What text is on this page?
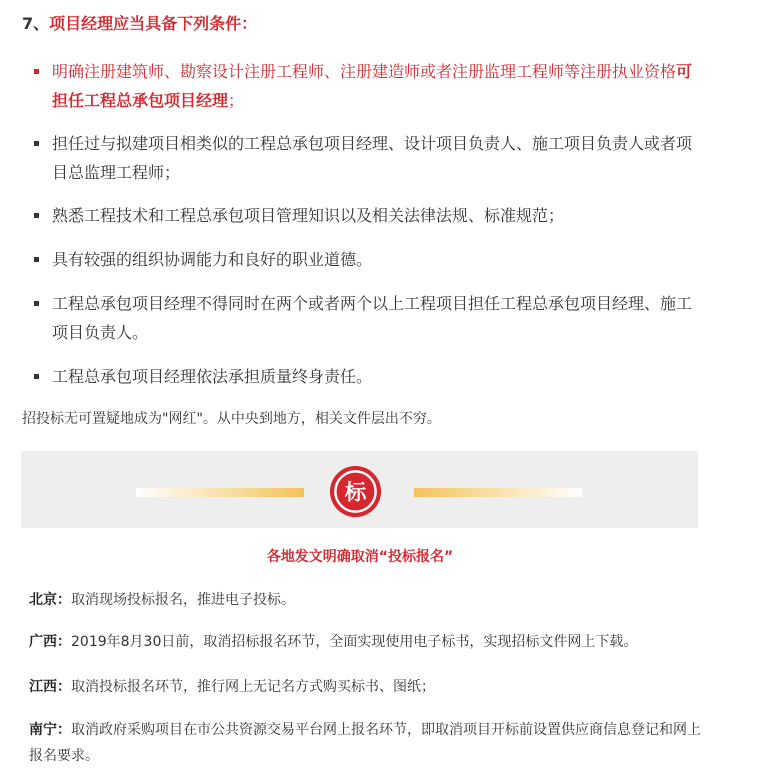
7、项目经理应当具备下列条件：
明确注册建筑师、勘察设计注册工程师、注册建造师或者注册监理工程师等注册执业资格可担任工程总承包项目经理；
担任过与拟建项目相类似的工程总承包项目经理、设计项目负责人、施工项目负责人或者项目总监理工程师；
熟悉工程技术和工程总承包项目管理知识以及相关法律法规、标准规范；
具有较强的组织协调能力和良好的职业道德。
工程总承包项目经理不得同时在两个或者两个以上工程项目担任工程总承包项目经理、施工项目负责人。
工程总承包项目经理依法承担质量终身责任。
招投标无可置疑地成为"网红"。从中央到地方，相关文件层出不穷。
标
各地发文明确取消“投标报名”
北京：取消现场投标报名，推进电子投标。
广西：2019年8月30日前，取消招标报名环节，全面实现使用电子标书，实现招标文件网上下载。
江西：取消投标报名环节，推行网上无记名方式购买标书、图纸；
南宁：取消政府采购项目在市公共资源交易平台网上报名环节，即取消项目开标前设置供应商信息登记和网上报名要求。
